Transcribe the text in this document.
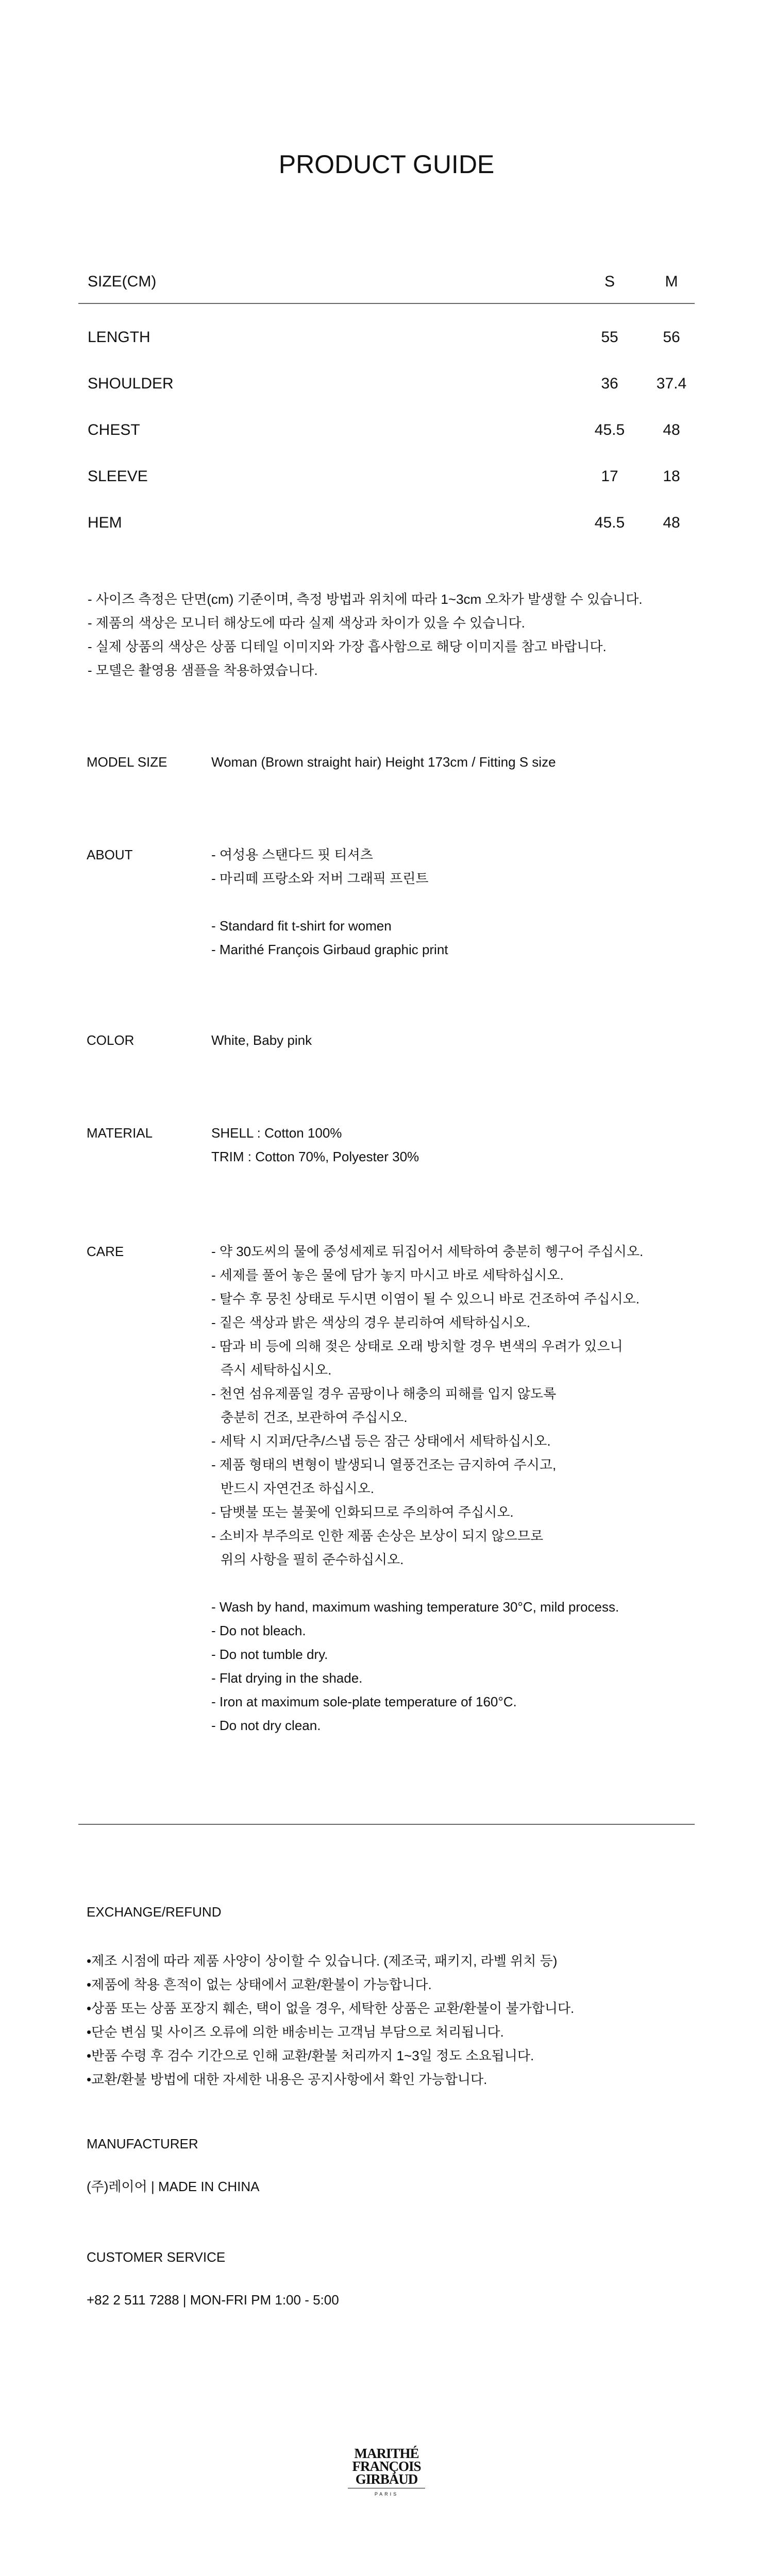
PRODUCT GUIDE
SIZE(CM)	S	M
LENGTH	55	56
SHOULDER	36	37.4
CHEST	45.5	48
SLEEVE	17	18
HEM	45.5	48
- 사이즈 측정은 단면(cm) 기준이며, 측정 방법과 위치에 따라 1~3cm 오차가 발생할 수 있습니다.
- 제품의 색상은 모니터 해상도에 따라 실제 색상과 차이가 있을 수 있습니다.
- 실제 상품의 색상은 상품 디테일 이미지와 가장 흡사함으로 해당 이미지를 참고 바랍니다.
- 모델은 촬영용 샘플을 착용하였습니다.
MODEL SIZE	Woman (Brown straight hair) Height 173cm / Fitting S size
ABOUT	- 여성용 스탠다드 핏 티셔츠
- 마리떼 프랑소와 저버 그래픽 프린트
- Standard fit t-shirt for women
- Marithé François Girbaud graphic print
COLOR	White, Baby pink
MATERIAL	SHELL : Cotton 100%
TRIM : Cotton 70%, Polyester 30%
CARE	- 약 30도씨의 물에 중성세제로 뒤집어서 세탁하여 충분히 헹구어 주십시오.
- 세제를 풀어 놓은 물에 담가 놓지 마시고 바로 세탁하십시오.
- 탈수 후 뭉친 상태로 두시면 이염이 될 수 있으니 바로 건조하여 주십시오.
- 짙은 색상과 밝은 색상의 경우 분리하여 세탁하십시오.
- 땀과 비 등에 의해 젖은 상태로 오래 방치할 경우 변색의 우려가 있으니
즉시 세탁하십시오.
- 천연 섬유제품일 경우 곰팡이나 해충의 피해를 입지 않도록
충분히 건조, 보관하여 주십시오.
- 세탁 시 지퍼/단추/스냅 등은 잠근 상태에서 세탁하십시오.
- 제품 형태의 변형이 발생되니 열풍건조는 금지하여 주시고,
반드시 자연건조 하십시오.
- 담뱃불 또는 불꽃에 인화되므로 주의하여 주십시오.
- 소비자 부주의로 인한 제품 손상은 보상이 되지 않으므로
위의 사항을 필히 준수하십시오.
- Wash by hand, maximum washing temperature 30°C, mild process.
- Do not bleach.
- Do not tumble dry.
- Flat drying in the shade.
- Iron at maximum sole-plate temperature of 160°C.
- Do not dry clean.
EXCHANGE/REFUND
•제조 시점에 따라 제품 사양이 상이할 수 있습니다. (제조국, 패키지, 라벨 위치 등)
•제품에 착용 흔적이 없는 상태에서 교환/환불이 가능합니다.
•상품 또는 상품 포장지 훼손, 택이 없을 경우, 세탁한 상품은 교환/환불이 불가합니다.
•단순 변심 및 사이즈 오류에 의한 배송비는 고객님 부담으로 처리됩니다.
•반품 수령 후 검수 기간으로 인해 교환/환불 처리까지 1~3일 정도 소요됩니다.
•교환/환불 방법에 대한 자세한 내용은 공지사항에서 확인 가능합니다.
MANUFACTURER
(주)레이어 | MADE IN CHINA
CUSTOMER SERVICE
+82 2 511 7288 | MON-FRI PM 1:00 - 5:00
MARITHÉ
FRANÇOIS
GIRBAUD
PARIS
